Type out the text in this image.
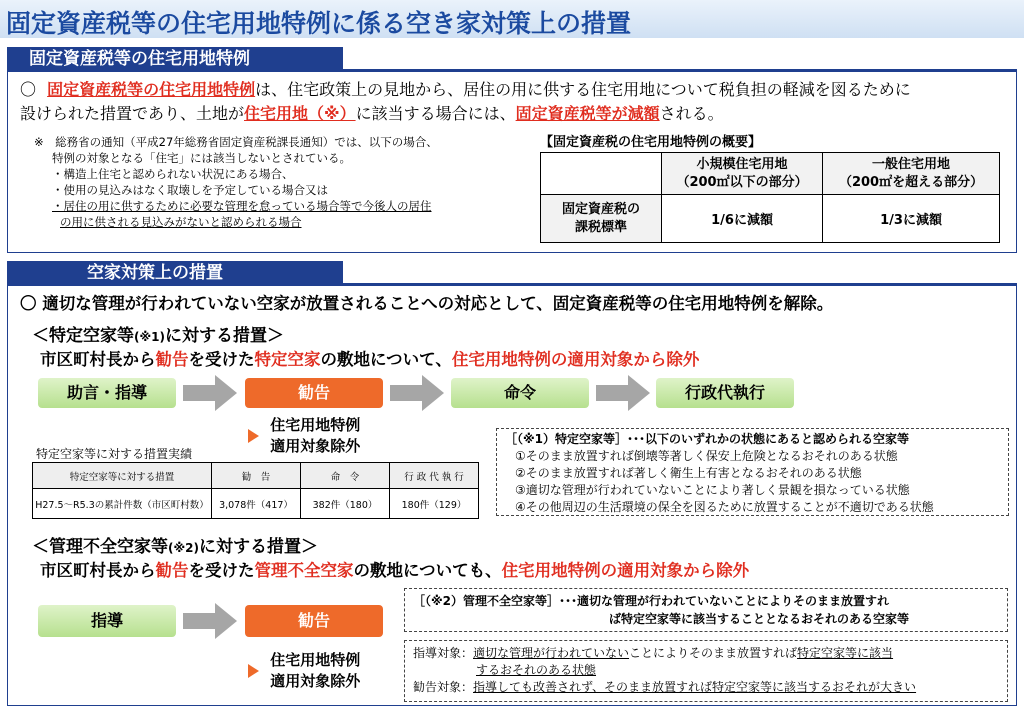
固定資産税等の住宅用地特例に係る空き家対策上の措置
固定資産税等の住宅用地特例
〇 固定資産税等の住宅用地特例は、住宅政策上の見地から、居住の用に供する住宅用地について税負担の軽減を図るために
設けられた措置であり、土地が住宅用地（※）に該当する場合には、固定資産税等が減額される。
※　 総務省の通知（平成27年総務省固定資産税課長通知）では、以下の場合、
特例の対象となる「住宅」には該当しないとされている。
・構造上住宅と認められない状況にある場合、
・使用の見込みはなく取壊しを予定している場合又は
・居住の用に供するために必要な管理を怠っている場合等で今後人の居住
の用に供される見込みがないと認められる場合
【固定資産税の住宅用地特例の概要】
	小規模住宅用地
（200㎡以下の部分）	一般住宅用地
（200㎡を超える部分）
固定資産税の
課税標準	1/6に減額	1/3に減額
空家対策上の措置
〇 適切な管理が行われていない空家が放置されることへの対応として、固定資産税等の住宅用地特例を解除。
＜特定空家等(※1)に対する措置＞
市区町村長から勧告を受けた特定空家の敷地について、住宅用地特例の適用対象から除外
助言・指導	勧告	命令	行政代執行
住宅用地特例
適用対象除外
特定空家等に対する措置実績
特定空家等に対する措置	勧　告	命　令	行 政 代 執 行
H27.5～R5.3の累計件数（市区町村数）	3,078件（417）	382件（180）	180件（129）
［（※1）特定空家等］･･･以下のいずれかの状態にあると認められる空家等
①そのまま放置すれば倒壊等著しく保安上危険となるおそれのある状態
②そのまま放置すれば著しく衛生上有害となるおそれのある状態
③適切な管理が行われていないことにより著しく景観を損なっている状態
④その他周辺の生活環境の保全を図るために放置することが不適切である状態
＜管理不全空家等(※2)に対する措置＞
市区町村長から勧告を受けた管理不全空家の敷地についても、住宅用地特例の適用対象から除外
指導	勧告
住宅用地特例
適用対象除外
［（※2）管理不全空家等］･･･適切な管理が行われていないことによりそのまま放置すれ
ば特定空家等に該当することとなるおそれのある空家等
指導対象：適切な管理が行われていないことによりそのまま放置すれば特定空家等に該当
するおそれのある状態
勧告対象：指導しても改善されず、そのまま放置すれば特定空家等に該当するおそれが大きい
